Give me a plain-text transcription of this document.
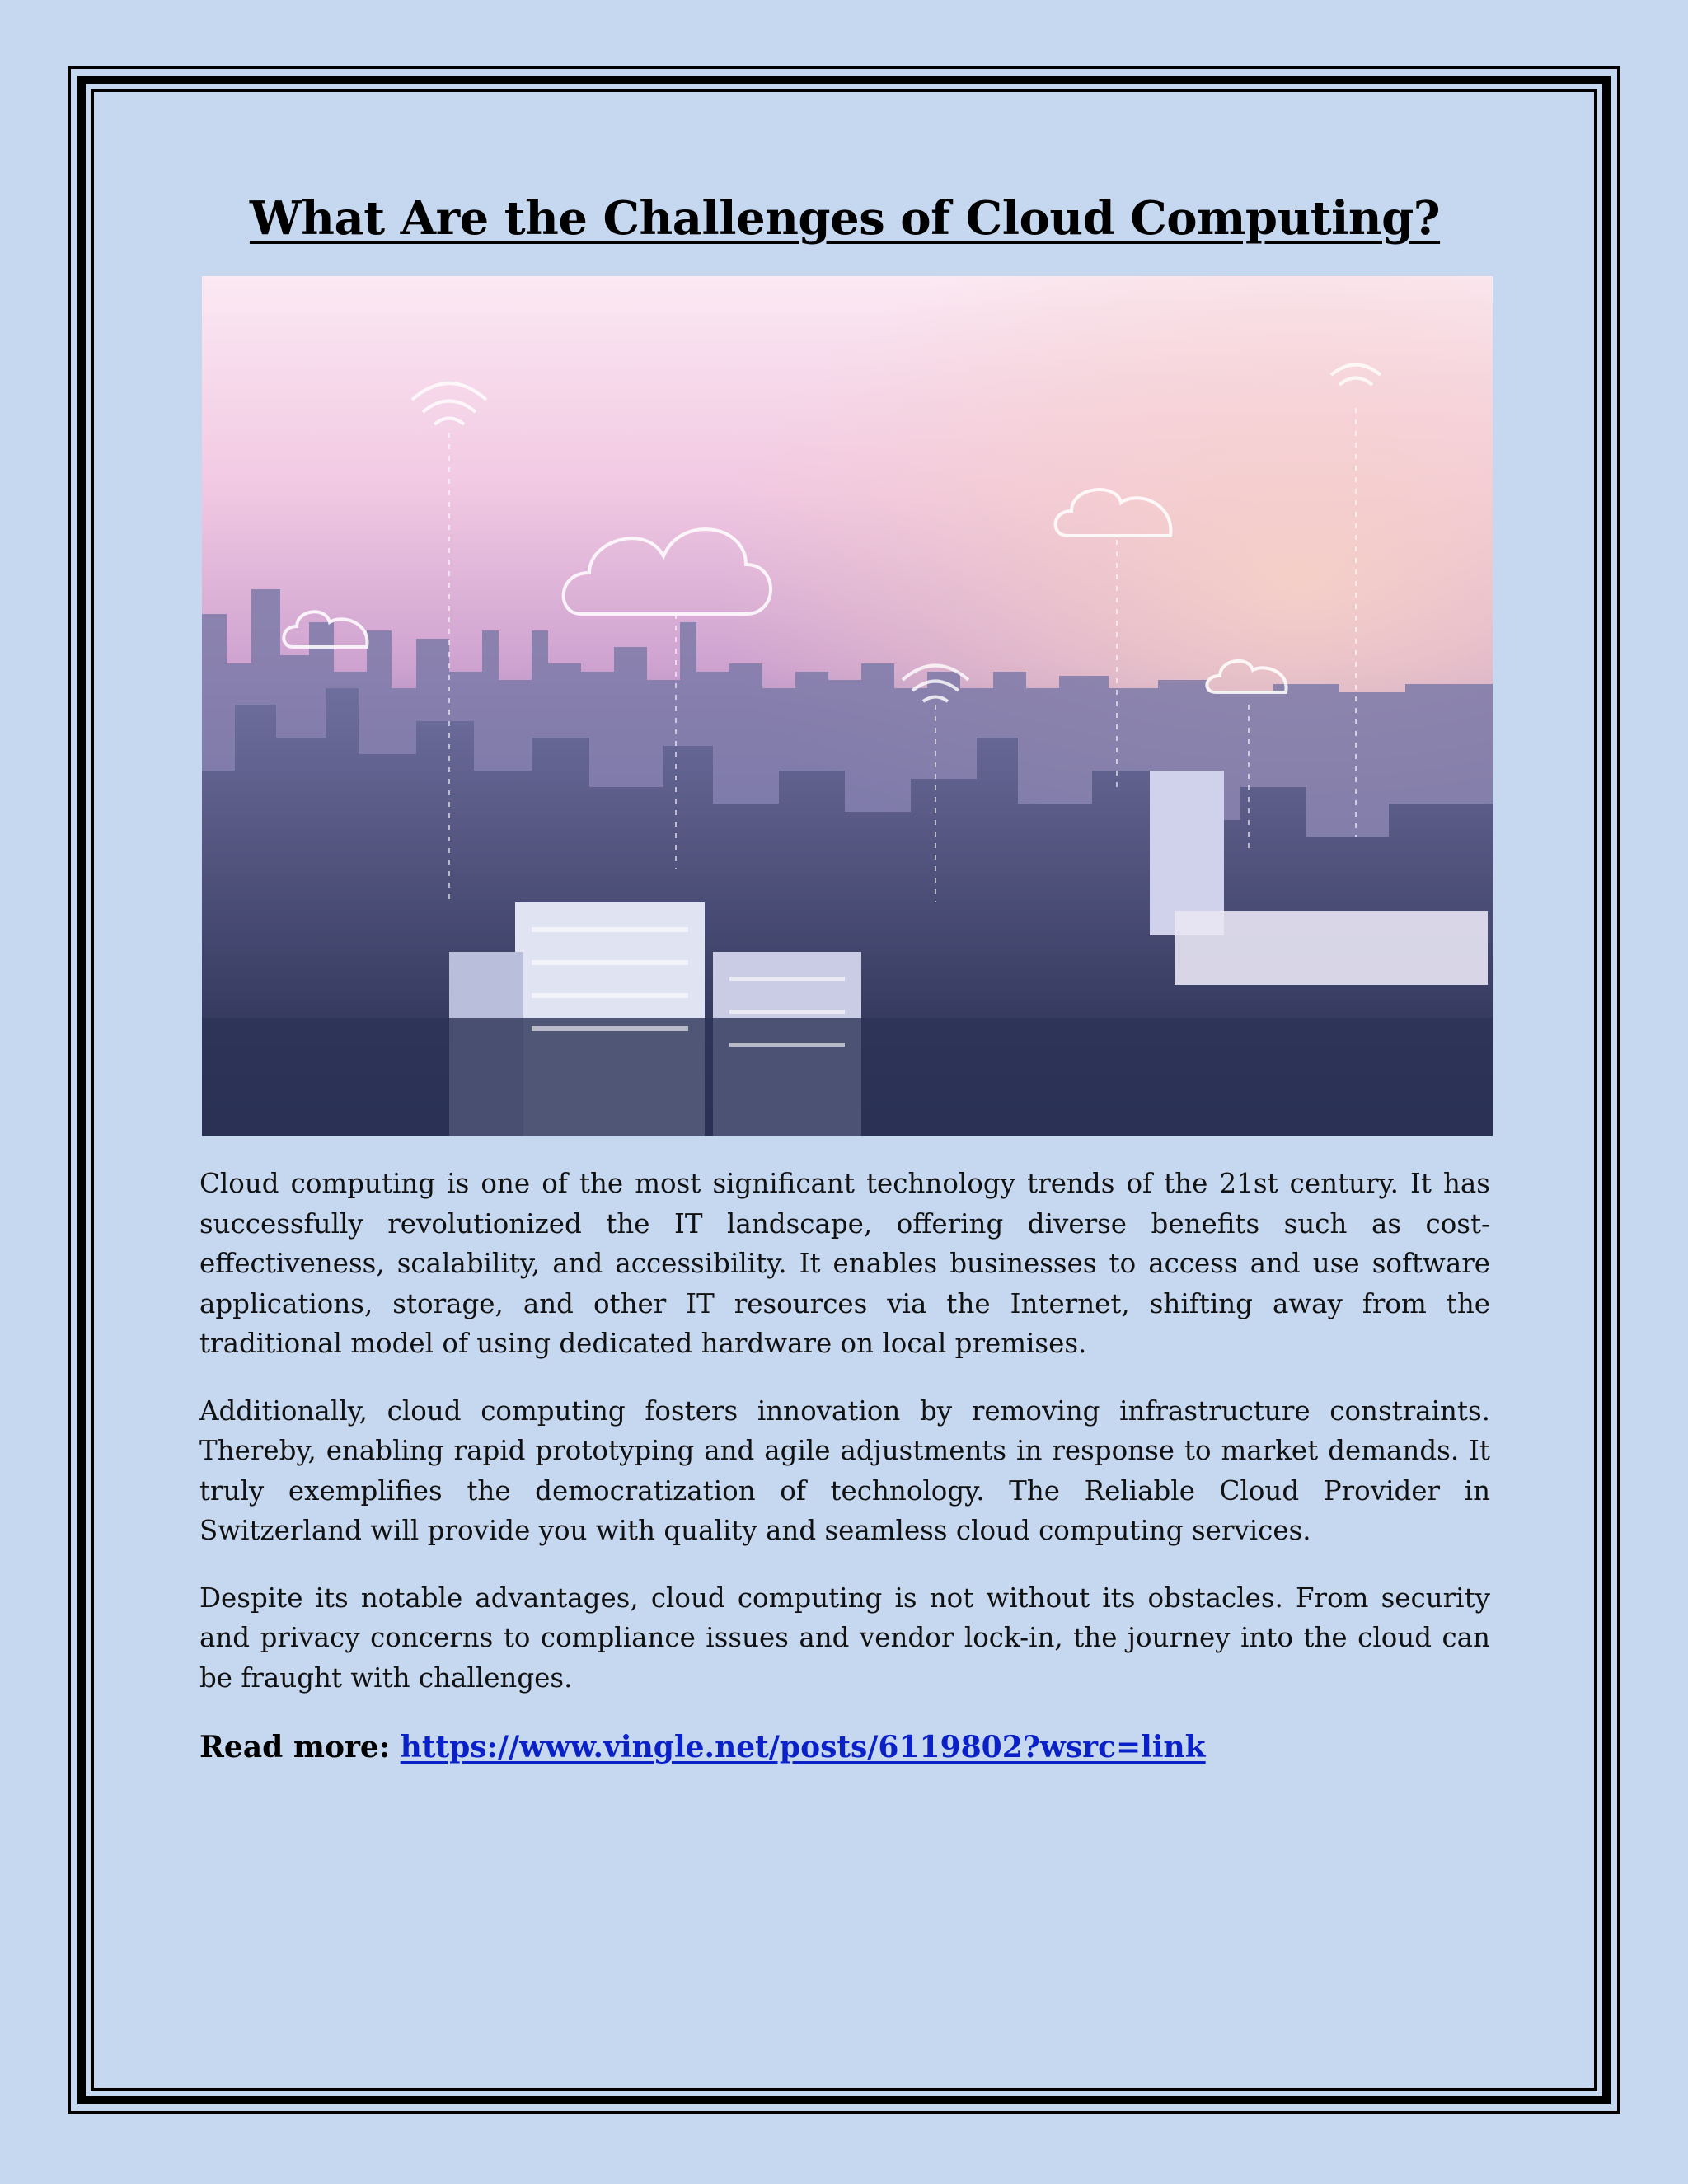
What Are the Challenges of Cloud Computing?

Cloud computing is one of the most significant technology trends of the 21st century. It has successfully revolutionized the IT landscape, offering diverse benefits such as cost-effectiveness, scalability, and accessibility. It enables businesses to access and use software applications, storage, and other IT resources via the Internet, shifting away from the traditional model of using dedicated hardware on local premises.

Additionally, cloud computing fosters innovation by removing infrastructure constraints. Thereby, enabling rapid prototyping and agile adjustments in response to market demands. It truly exemplifies the democratization of technology. The Reliable Cloud Provider in Switzerland will provide you with quality and seamless cloud computing services.

Despite its notable advantages, cloud computing is not without its obstacles. From security and privacy concerns to compliance issues and vendor lock-in, the journey into the cloud can be fraught with challenges.

Read more: https://www.vingle.net/posts/6119802?wsrc=link
